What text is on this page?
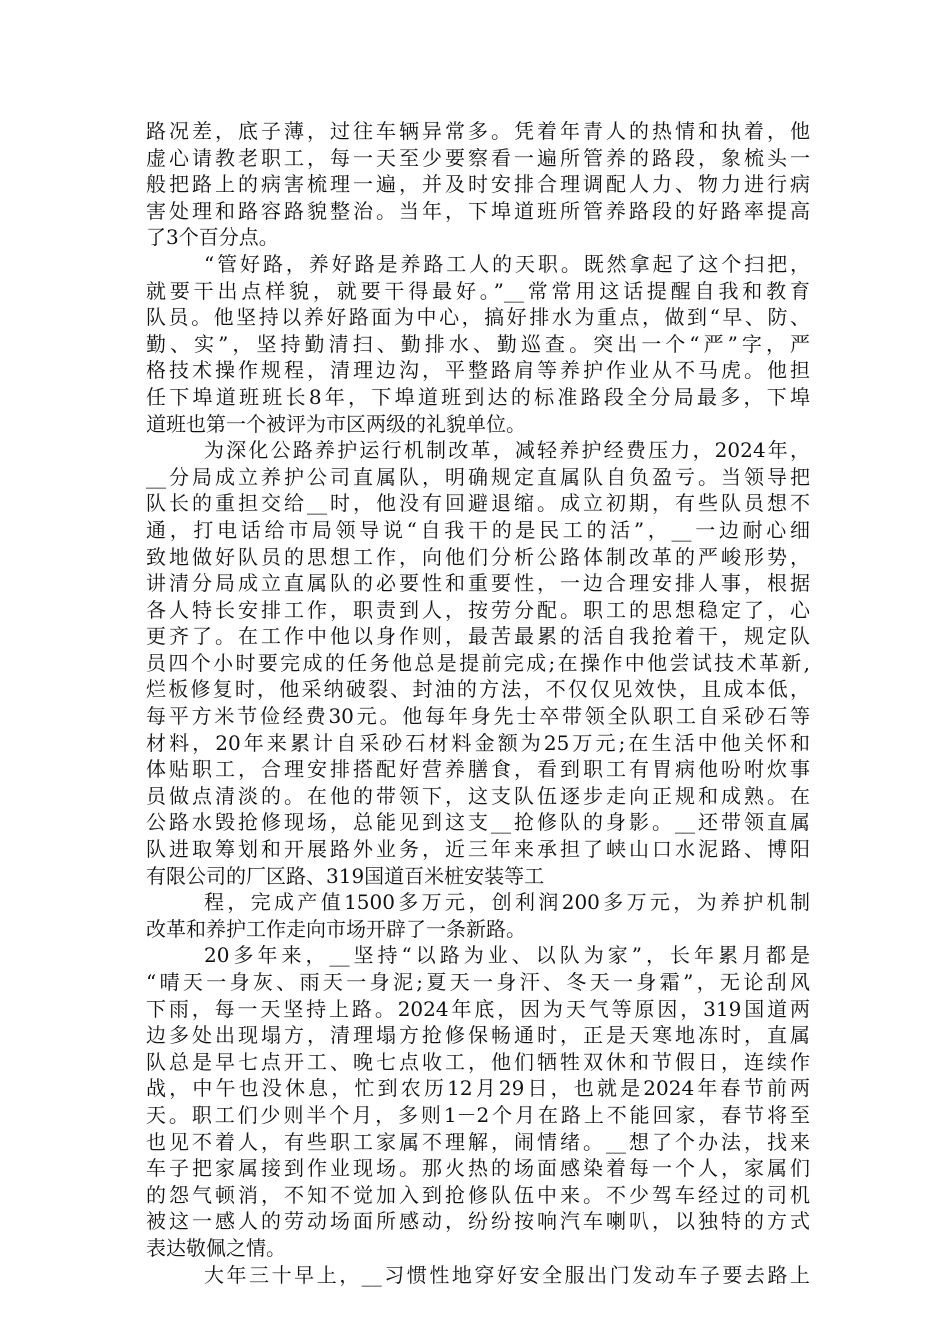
路况差，底子薄，过往车辆异常多。凭着年青人的热情和执着，他
虚心请教老职工，每一天至少要察看一遍所管养的路段，象梳头一
般把路上的病害梳理一遍，并及时安排合理调配人力、物力进行病
害处理和路容路貌整治。当年，下埠道班所管养路段的好路率提高
了3个百分点。
“管好路，养好路是养路工人的天职。既然拿起了这个扫把，
就要干出点样貌，就要干得最好。”__常常用这话提醒自我和教育
队员。他坚持以养好路面为中心，搞好排水为重点，做到“早、防、
勤、实”，坚持勤清扫、勤排水、勤巡查。突出一个“严”字，严
格技术操作规程，清理边沟，平整路肩等养护作业从不马虎。他担
任下埠道班班长8年，下埠道班到达的标准路段全分局最多，下埠
道班也第一个被评为市区两级的礼貌单位。
为深化公路养护运行机制改革，减轻养护经费压力，2024年，
__分局成立养护公司直属队，明确规定直属队自负盈亏。当领导把
队长的重担交给__时，他没有回避退缩。成立初期，有些队员想不
通，打电话给市局领导说“自我干的是民工的活”，__一边耐心细
致地做好队员的思想工作，向他们分析公路体制改革的严峻形势，
讲清分局成立直属队的必要性和重要性，一边合理安排人事，根据
各人特长安排工作，职责到人，按劳分配。职工的思想稳定了，心
更齐了。在工作中他以身作则，最苦最累的活自我抢着干，规定队
员四个小时要完成的任务他总是提前完成;在操作中他尝试技术革新,
烂板修复时，他采纳破裂、封油的方法，不仅仅见效快，且成本低，
每平方米节俭经费30元。他每年身先士卒带领全队职工自采砂石等
材料，20年来累计自采砂石材料金额为25万元;在生活中他关怀和
体贴职工，合理安排搭配好营养膳食，看到职工有胃病他吩咐炊事
员做点清淡的。在他的带领下，这支队伍逐步走向正规和成熟。在
公路水毁抢修现场，总能见到这支__抢修队的身影。__还带领直属
队进取筹划和开展路外业务，近三年来承担了峡山口水泥路、博阳
有限公司的厂区路、319国道百米桩安装等工
程，完成产值1500多万元，创利润200多万元，为养护机制
改革和养护工作走向市场开辟了一条新路。
20多年来，__坚持“以路为业、以队为家”，长年累月都是
“晴天一身灰、雨天一身泥;夏天一身汗、冬天一身霜”，无论刮风
下雨，每一天坚持上路。2024年底，因为天气等原因，319国道两
边多处出现塌方，清理塌方抢修保畅通时，正是天寒地冻时，直属
队总是早七点开工、晚七点收工，他们牺牲双休和节假日，连续作
战，中午也没休息，忙到农历12月29日，也就是2024年春节前两
天。职工们少则半个月，多则1－2个月在路上不能回家，春节将至
也见不着人，有些职工家属不理解，闹情绪。__想了个办法，找来
车子把家属接到作业现场。那火热的场面感染着每一个人，家属们
的怨气顿消，不知不觉加入到抢修队伍中来。不少驾车经过的司机
被这一感人的劳动场面所感动，纷纷按响汽车喇叭，以独特的方式
表达敬佩之情。
大年三十早上，__习惯性地穿好安全服出门发动车子要去路上
